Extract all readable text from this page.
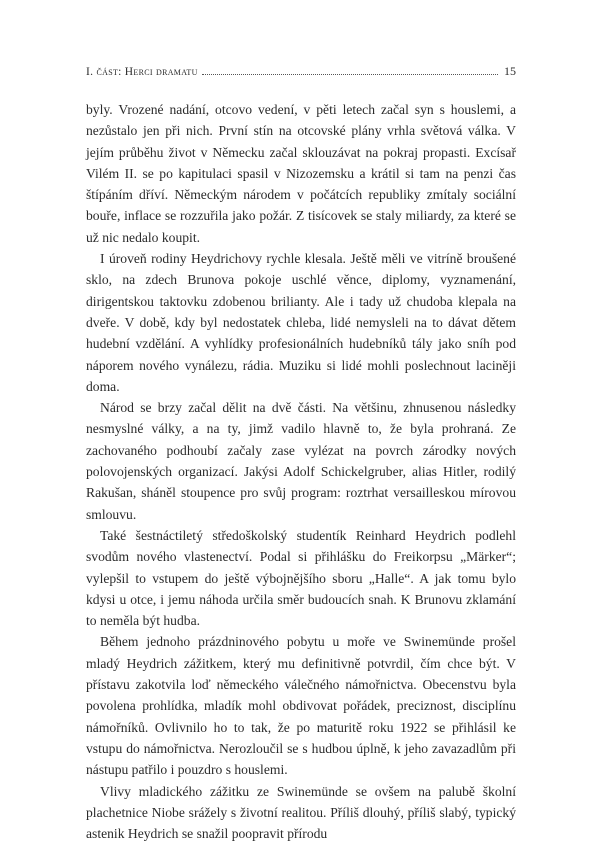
I. část: Herci dramatu	15

byly. Vrozené nadání, otcovo vedení, v pěti letech začal syn s houslemi, a nezůstalo jen při nich. První stín na otcovské plány vrhla světová válka. V jejím průběhu život v Německu začal sklouzávat na pokraj propasti. Excísař Vilém II. se po kapitulaci spasil v Nizozemsku a krátil si tam na penzi čas štípáním dříví. Německým národem v počátcích republiky zmítaly sociální bouře, inflace se rozzuřila jako požár. Z tisícovek se staly miliardy, za které se už nic nedalo koupit.

I úroveň rodiny Heydrichovy rychle klesala. Ještě měli ve vitríně broušené sklo, na zdech Brunova pokoje uschlé věnce, diplomy, vyznamenání, dirigentskou taktovku zdobenou brilianty. Ale i tady už chudoba klepala na dveře. V době, kdy byl nedostatek chleba, lidé nemysleli na to dávat dětem hudební vzdělání. A vyhlídky profesionálních hudebníků tály jako sníh pod náporem nového vynálezu, rádia. Muziku si lidé mohli poslechnout laciněji doma.

Národ se brzy začal dělit na dvě části. Na většinu, zhnusenou následky nesmyslné války, a na ty, jimž vadilo hlavně to, že byla prohraná. Ze zachovaného podhoubí začaly zase vylézat na povrch zárodky nových polovojenských organizací. Jakýsi Adolf Schickelgruber, alias Hitler, rodilý Rakušan, sháněl stoupence pro svůj program: roztrhat versailleskou mírovou smlouvu.

Také šestnáctiletý středoškolský studentík Reinhard Heydrich podlehl svodům nového vlastenectví. Podal si přihlášku do Freikorpsu „Märker“; vylepšil to vstupem do ještě výbojnějšího sboru „Halle“. A jak tomu bylo kdysi u otce, i jemu náhoda určila směr budoucích snah. K Brunovu zklamání to neměla být hudba.

Během jednoho prázdninového pobytu u moře ve Swinemünde prošel mladý Heydrich zážitkem, který mu definitivně potvrdil, čím chce být. V přístavu zakotvila loď německého válečného námořnictva. Obecenstvu byla povolena prohlídka, mladík mohl obdivovat pořádek, preciznost, disciplínu námořníků. Ovlivnilo ho to tak, že po maturitě roku 1922 se přihlásil ke vstupu do námořnictva. Nerozloučil se s hudbou úplně, k jeho zavazadlům při nástupu patřilo i pouzdro s houslemi.

Vlivy mladického zážitku ze Swinemünde se ovšem na palubě školní plachetnice Niobe srážely s životní realitou. Příliš dlouhý, příliš slabý, typický astenik Heydrich se snažil poopravit přírodu
